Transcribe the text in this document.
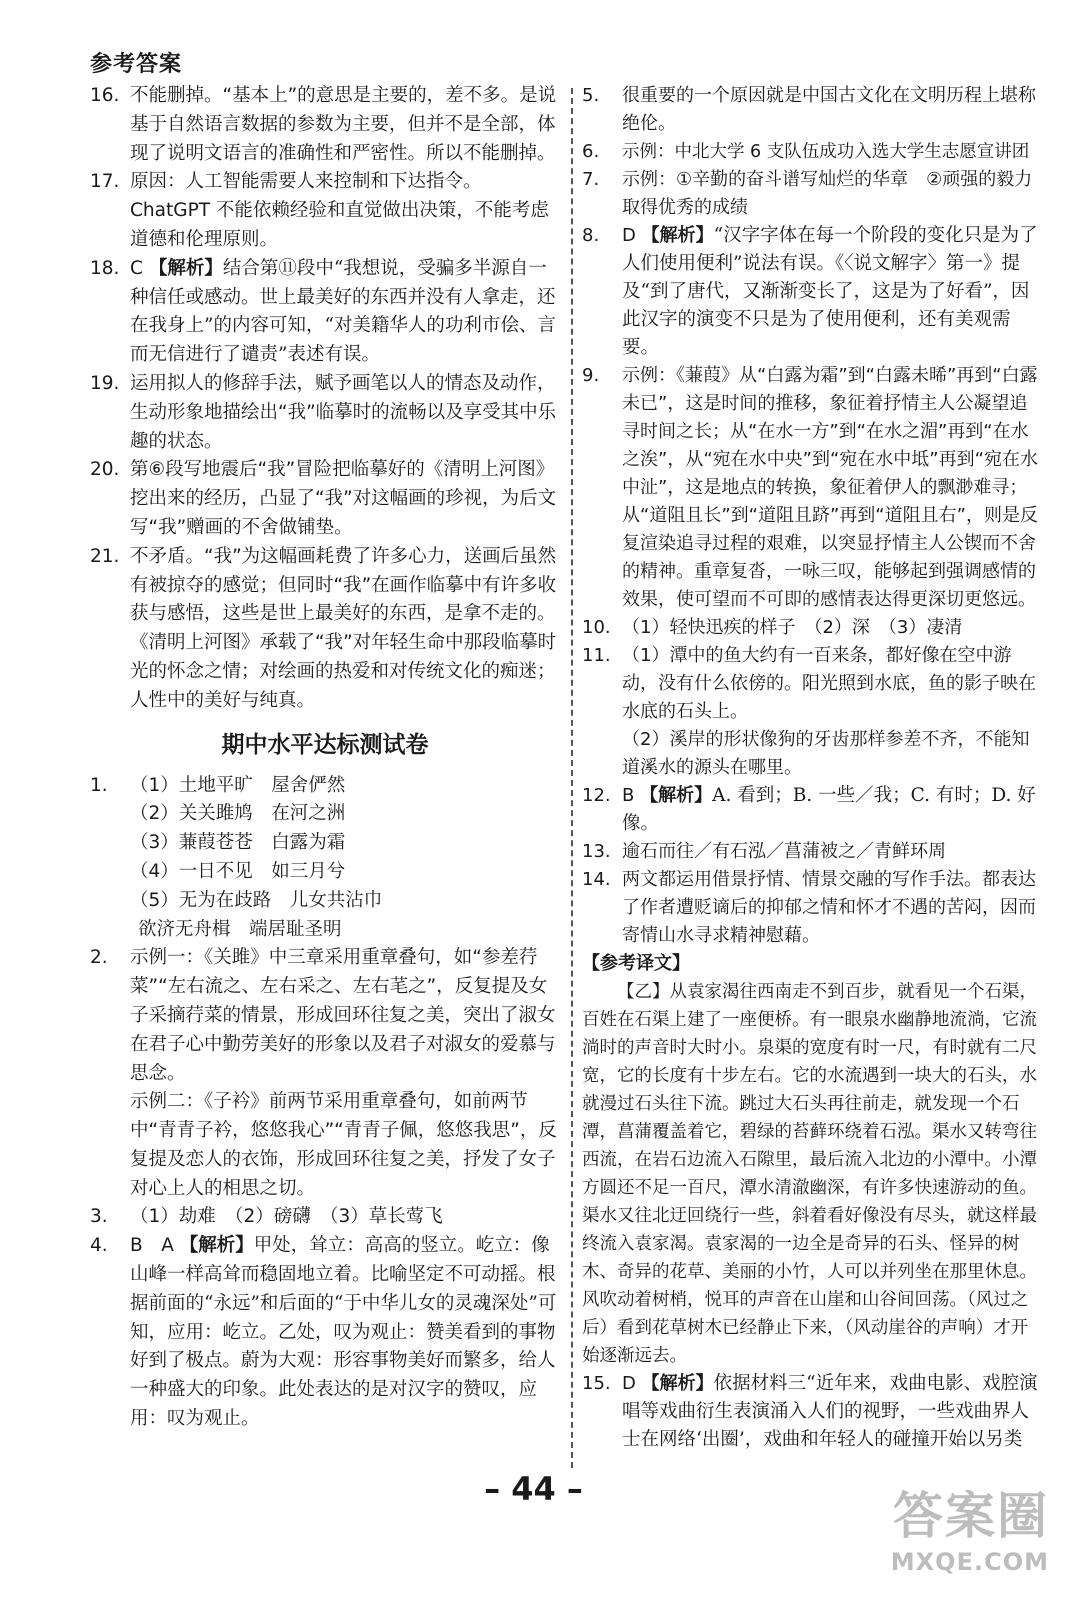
参考答案

16. 不能删掉。“基本上”的意思是主要的，差不多。是说基于自然语言数据的参数为主要，但并不是全部，体现了说明文语言的准确性和严密性。所以不能删掉。

17. 原因：人工智能需要人来控制和下达指令。ChatGPT 不能依赖经验和直觉做出决策，不能考虑道德和伦理原则。

18. C 【解析】结合第⑪段中“我想说，受骗多半源自一种信任或感动。世上最美好的东西并没有人拿走，还在我身上”的内容可知，“对美籍华人的功利市侩、言而无信进行了谴责”表述有误。

19. 运用拟人的修辞手法，赋予画笔以人的情态及动作，生动形象地描绘出“我”临摹时的流畅以及享受其中乐趣的状态。

20. 第⑥段写地震后“我”冒险把临摹好的《清明上河图》挖出来的经历，凸显了“我”对这幅画的珍视，为后文写“我”赠画的不舍做铺垫。

21. 不矛盾。“我”为这幅画耗费了许多心力，送画后虽然有被掠夺的感觉；但同时“我”在画作临摹中有许多收获与感悟，这些是世上最美好的东西，是拿不走的。《清明上河图》承载了“我”对年轻生命中那段临摹时光的怀念之情；对绘画的热爱和对传统文化的痴迷；人性中的美好与纯真。

期中水平达标测试卷
1. （1）土地平旷　屋舍俨然
（2）关关雎鸠　在河之洲
（3）蒹葭苍苍　白露为霜
（4）一日不见　如三月兮
（5）无为在歧路　儿女共沾巾
欲济无舟楫　端居耻圣明
2. 示例一：《关雎》中三章采用重章叠句，如“参差荇菜”“左右流之、左右采之、左右芼之”，反复提及女子采摘荇菜的情景，形成回环往复之美，突出了淑女在君子心中勤劳美好的形象以及君子对淑女的爱慕与思念。
示例二：《子衿》前两节采用重章叠句，如前两节中“青青子衿，悠悠我心”“青青子佩，悠悠我思”，反复提及恋人的衣饰，形成回环往复之美，抒发了女子对心上人的相思之切。

3. （1）劫难　（2）磅礴　（3）草长莺飞

4. B　A 【解析】甲处，耸立：高高的竖立。屹立：像山峰一样高耸而稳固地立着。比喻坚定不可动摇。根据前面的“永远”和后面的“于中华儿女的灵魂深处”可知，应用：屹立。乙处，叹为观止：赞美看到的事物好到了极点。蔚为大观：形容事物美好而繁多，给人一种盛大的印象。此处表达的是对汉字的赞叹，应用：叹为观止。

5. 很重要的一个原因就是中国古文化在文明历程上堪称绝伦。

6. 示例：中北大学 6 支队伍成功入选大学生志愿宣讲团

7. 示例：①辛勤的奋斗谱写灿烂的华章　②顽强的毅力取得优秀的成绩

8. D 【解析】“汉字字体在每一个阶段的变化只是为了人们使用便利”说法有误。《〈说文解字〉第一》提及“到了唐代，又渐渐变长了，这是为了好看”，因此汉字的演变不只是为了使用便利，还有美观需要。

9. 示例：《蒹葭》从“白露为霜”到“白露未晞”再到“白露未已”，这是时间的推移，象征着抒情主人公凝望追寻时间之长；从“在水一方”到“在水之湄”再到“在水之涘”，从“宛在水中央”到“宛在水中坻”再到“宛在水中沚”，这是地点的转换，象征着伊人的飘渺难寻；从“道阻且长”到“道阻且跻”再到“道阻且右”，则是反复渲染追寻过程的艰难，以突显抒情主人公锲而不舍的精神。重章复沓，一咏三叹，能够起到强调感情的效果，使可望而不可即的感情表达得更深切更悠远。

10. （1）轻快迅疾的样子　（2）深　（3）凄清

11. （1）潭中的鱼大约有一百来条，都好像在空中游动，没有什么依傍的。阳光照到水底，鱼的影子映在水底的石头上。
（2）溪岸的形状像狗的牙齿那样参差不齐，不能知道溪水的源头在哪里。

12. B 【解析】A. 看到；B. 一些／我；C. 有时；D. 好像。

13. 逾石而往／有石泓／菖蒲被之／青鲜环周

14. 两文都运用借景抒情、情景交融的写作手法。都表达了作者遭贬谪后的抑郁之情和怀才不遇的苦闷，因而寄情山水寻求精神慰藉。

【参考译文】

【乙】从袁家渴往西南走不到百步，就看见一个石渠，百姓在石渠上建了一座便桥。有一眼泉水幽静地流淌，它流淌时的声音时大时小。泉渠的宽度有时一尺，有时就有二尺宽，它的长度有十步左右。它的水流遇到一块大的石头，水就漫过石头往下流。跳过大石头再往前走，就发现一个石潭，菖蒲覆盖着它，碧绿的苔藓环绕着石泓。渠水又转弯往西流，在岩石边流入石隙里，最后流入北边的小潭中。小潭方圆还不足一百尺，潭水清澈幽深，有许多快速游动的鱼。渠水又往北迂回绕行一些，斜着看好像没有尽头，就这样最终流入袁家渴。袁家渴的一边全是奇异的石头、怪异的树木、奇异的花草、美丽的小竹，人可以并列坐在那里休息。风吹动着树梢，悦耳的声音在山崖和山谷间回荡。（风过之后）看到花草树木已经静止下来，（风动崖谷的声响）才开始逐渐远去。

15. D 【解析】依据材料三“近年来，戏曲电影、戏腔演唱等戏曲衍生表演涌入人们的视野，一些戏曲界人士在网络‘出圈’，戏曲和年轻人的碰撞开始以另类

– 44 –	答案圈
MXQE.COM
